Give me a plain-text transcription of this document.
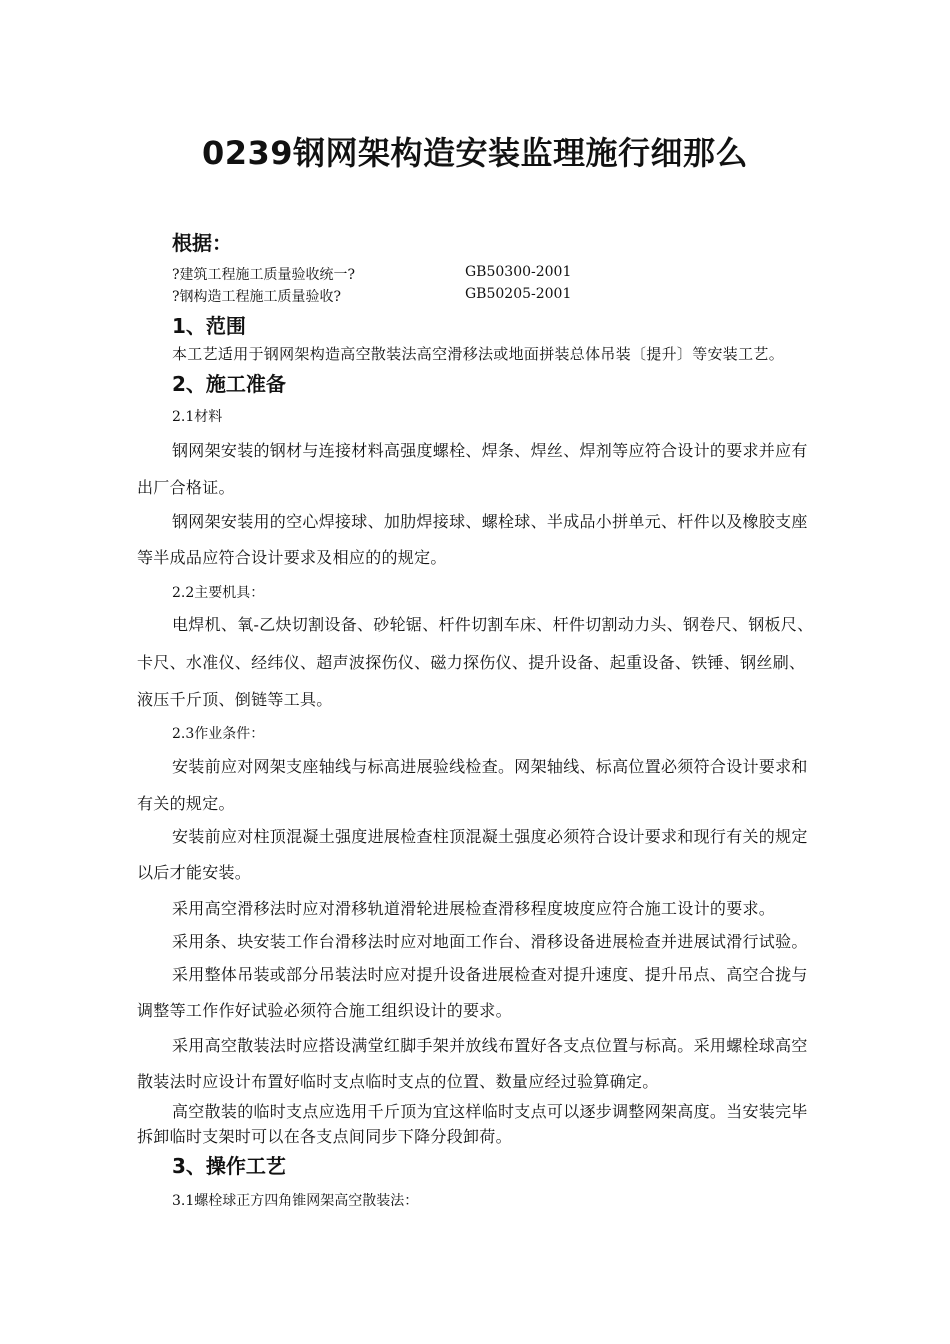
0239钢网架构造安装监理施行细那么
根据：
?建筑工程施工质量验收统一?	GB50300-2001
?钢构造工程施工质量验收?	GB50205-2001
1、范围
本工艺适用于钢网架构造高空散装法高空滑移法或地面拼装总体吊装〔提升〕等安装工艺。
2、施工准备
2.1材料
钢网架安装的钢材与连接材料高强度螺栓、焊条、焊丝、焊剂等应符合设计的要求并应有
出厂合格证。
钢网架安装用的空心焊接球、加肋焊接球、螺栓球、半成品小拼单元、杆件以及橡胶支座
等半成品应符合设计要求及相应的的规定。
2.2主要机具：
电焊机、氧-乙炔切割设备、砂轮锯、杆件切割车床、杆件切割动力头、钢卷尺、钢板尺、
卡尺、水准仪、经纬仪、超声波探伤仪、磁力探伤仪、提升设备、起重设备、铁锤、钢丝刷、
液压千斤顶、倒链等工具。
2.3作业条件：
安装前应对网架支座轴线与标高进展验线检查。网架轴线、标高位置必须符合设计要求和
有关的规定。
安装前应对柱顶混凝土强度进展检查柱顶混凝土强度必须符合设计要求和现行有关的规定
以后才能安装。
采用高空滑移法时应对滑移轨道滑轮进展检查滑移程度坡度应符合施工设计的要求。
采用条、块安装工作台滑移法时应对地面工作台、滑移设备进展检查并进展试滑行试验。
采用整体吊装或部分吊装法时应对提升设备进展检查对提升速度、提升吊点、高空合拢与
调整等工作作好试验必须符合施工组织设计的要求。
采用高空散装法时应搭设满堂红脚手架并放线布置好各支点位置与标高。采用螺栓球高空
散装法时应设计布置好临时支点临时支点的位置、数量应经过验算确定。
高空散装的临时支点应选用千斤顶为宜这样临时支点可以逐步调整网架高度。当安装完毕
拆卸临时支架时可以在各支点间同步下降分段卸荷。
3、操作工艺
3.1螺栓球正方四角锥网架高空散装法：
